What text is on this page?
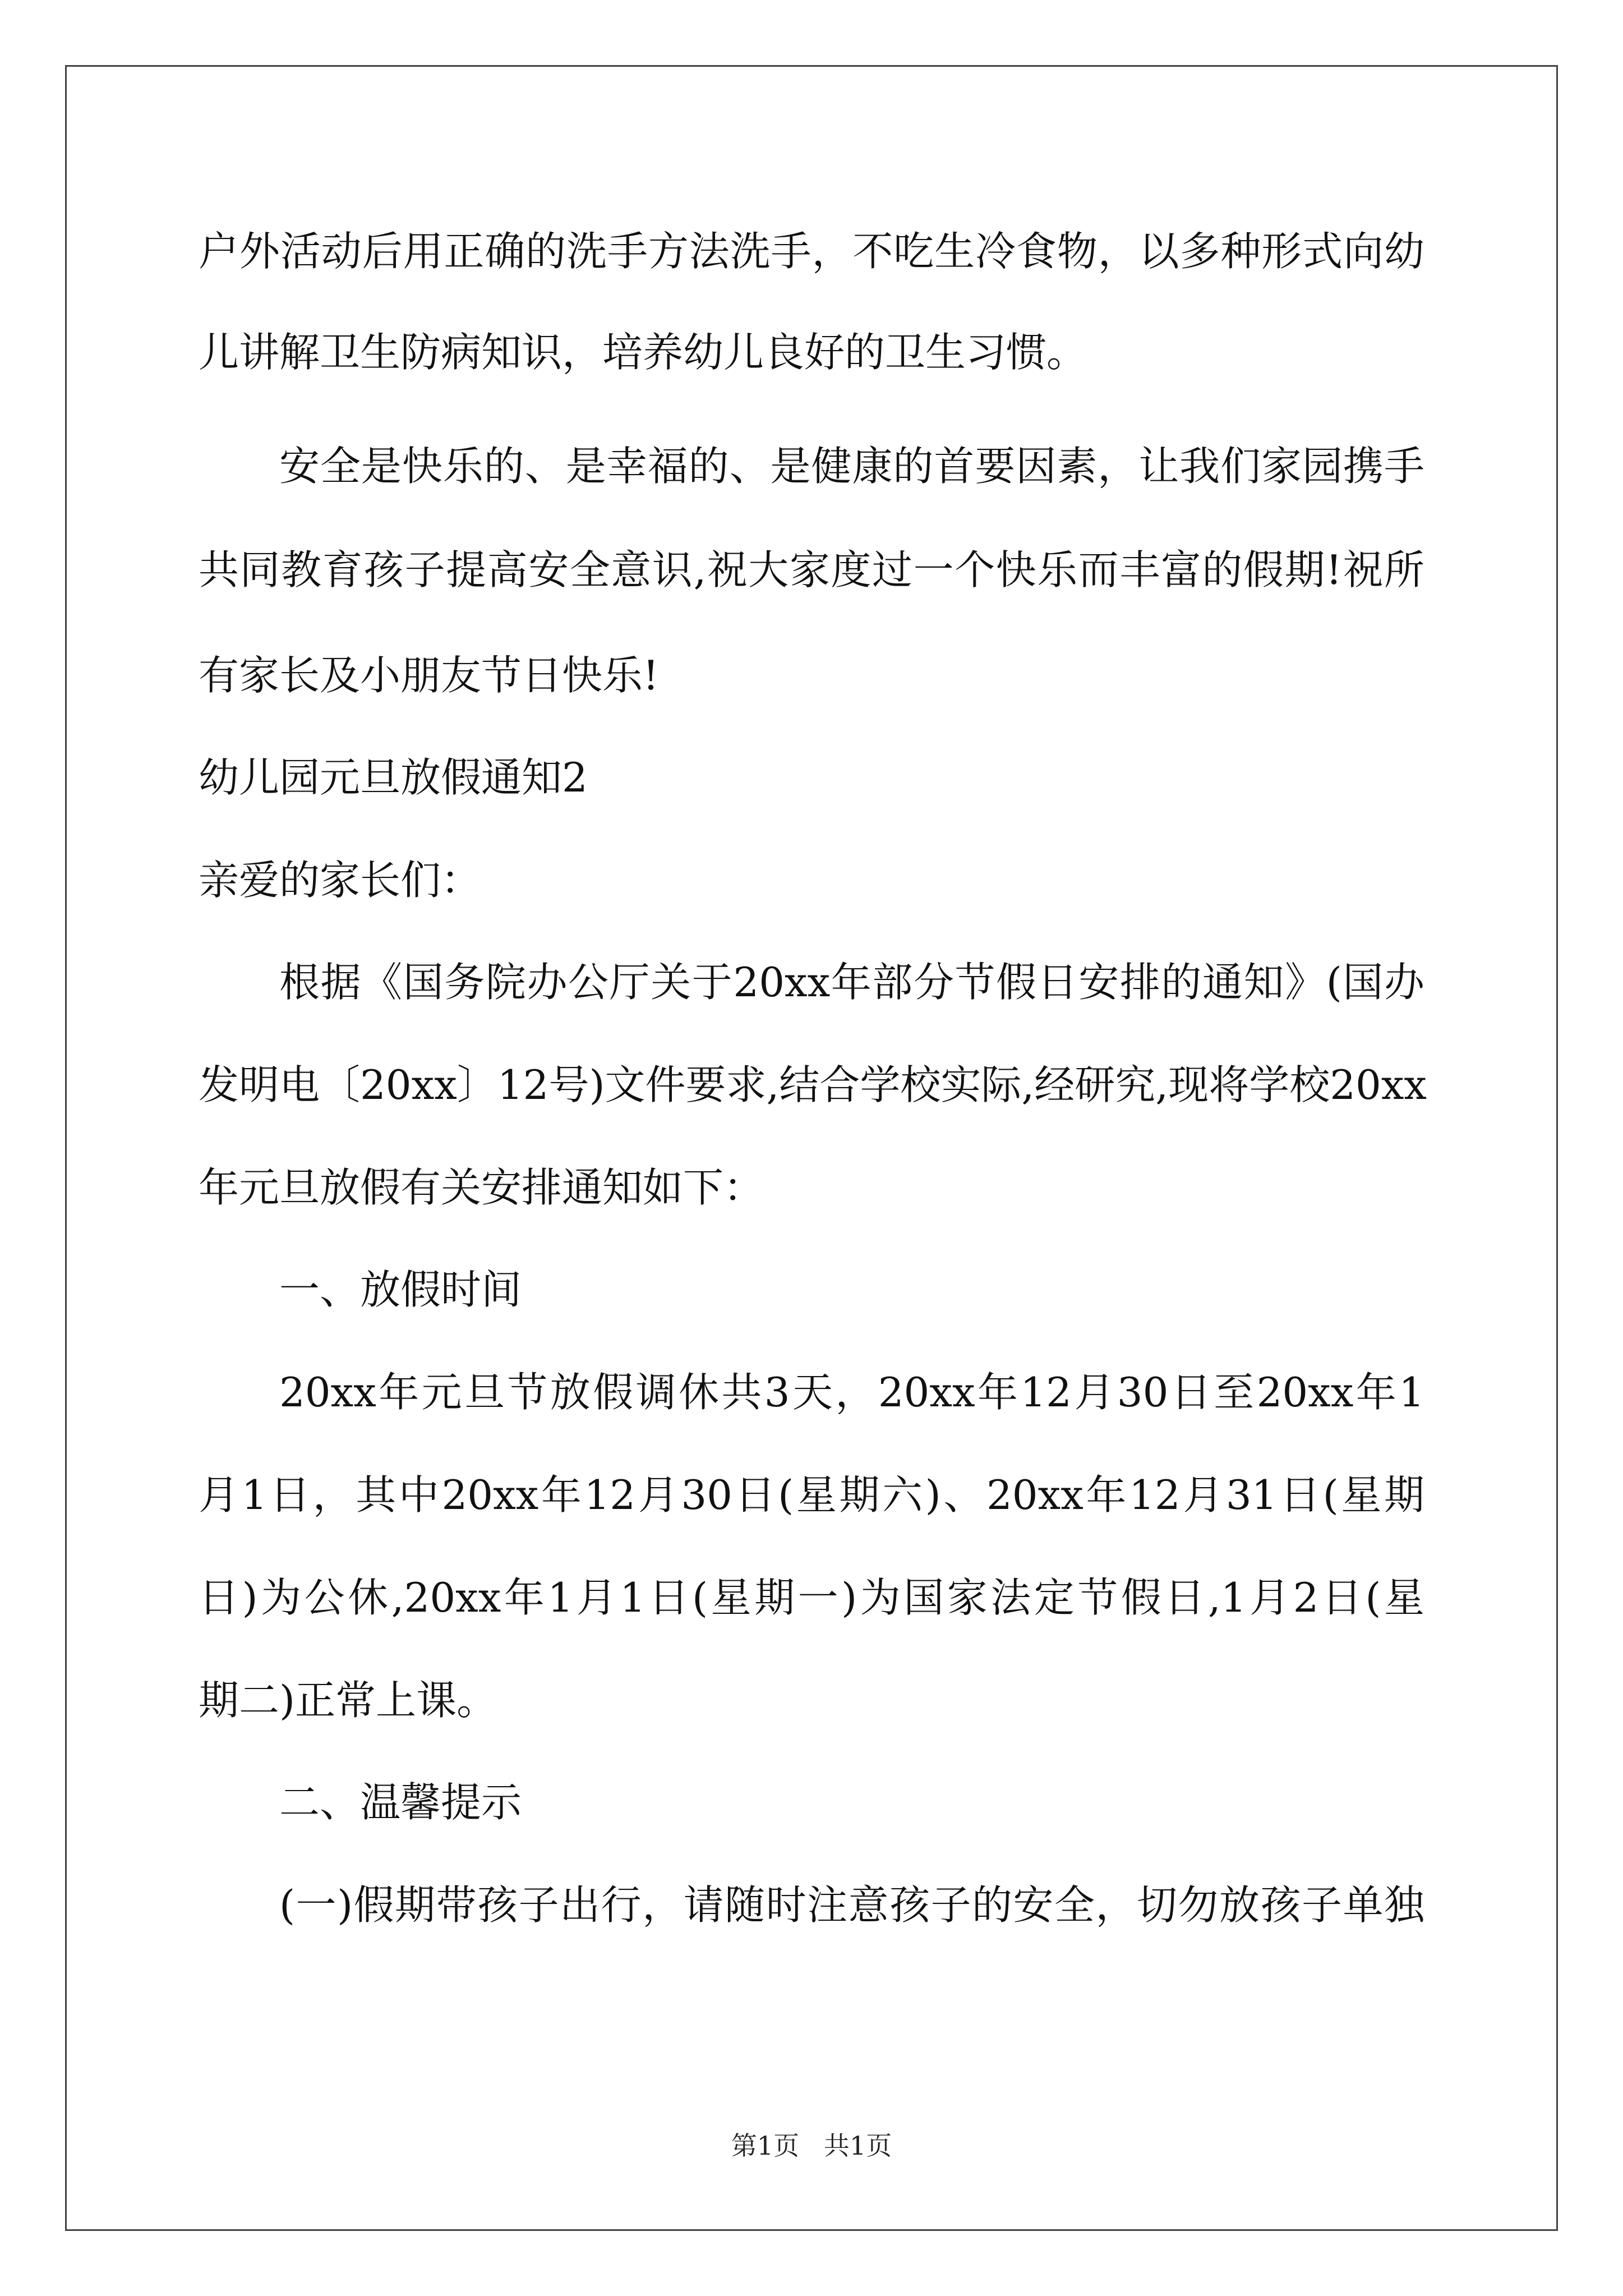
户外活动后用正确的洗手方法洗手，不吃生冷食物，以多种形式向幼
儿讲解卫生防病知识，培养幼儿良好的卫生习惯。
安全是快乐的、是幸福的、是健康的首要因素，让我们家园携手
共同教育孩子提高安全意识,祝大家度过一个快乐而丰富的假期!祝所
有家长及小朋友节日快乐!
幼儿园元旦放假通知2
亲爱的家长们：
根据《国务院办公厅关于20xx年部分节假日安排的通知》(国办
发明电〔20xx〕12号)文件要求,结合学校实际,经研究,现将学校20xx
年元旦放假有关安排通知如下：
一、放假时间
20xx年元旦节放假调休共3天，20xx年12月30日至20xx年1
月1日，其中20xx年12月30日(星期六)、20xx年12月31日(星期
日)为公休,20xx年1月1日(星期一)为国家法定节假日,1月2日(星
期二)正常上课。
二、温馨提示
(一)假期带孩子出行，请随时注意孩子的安全，切勿放孩子单独
第1页   共1页
